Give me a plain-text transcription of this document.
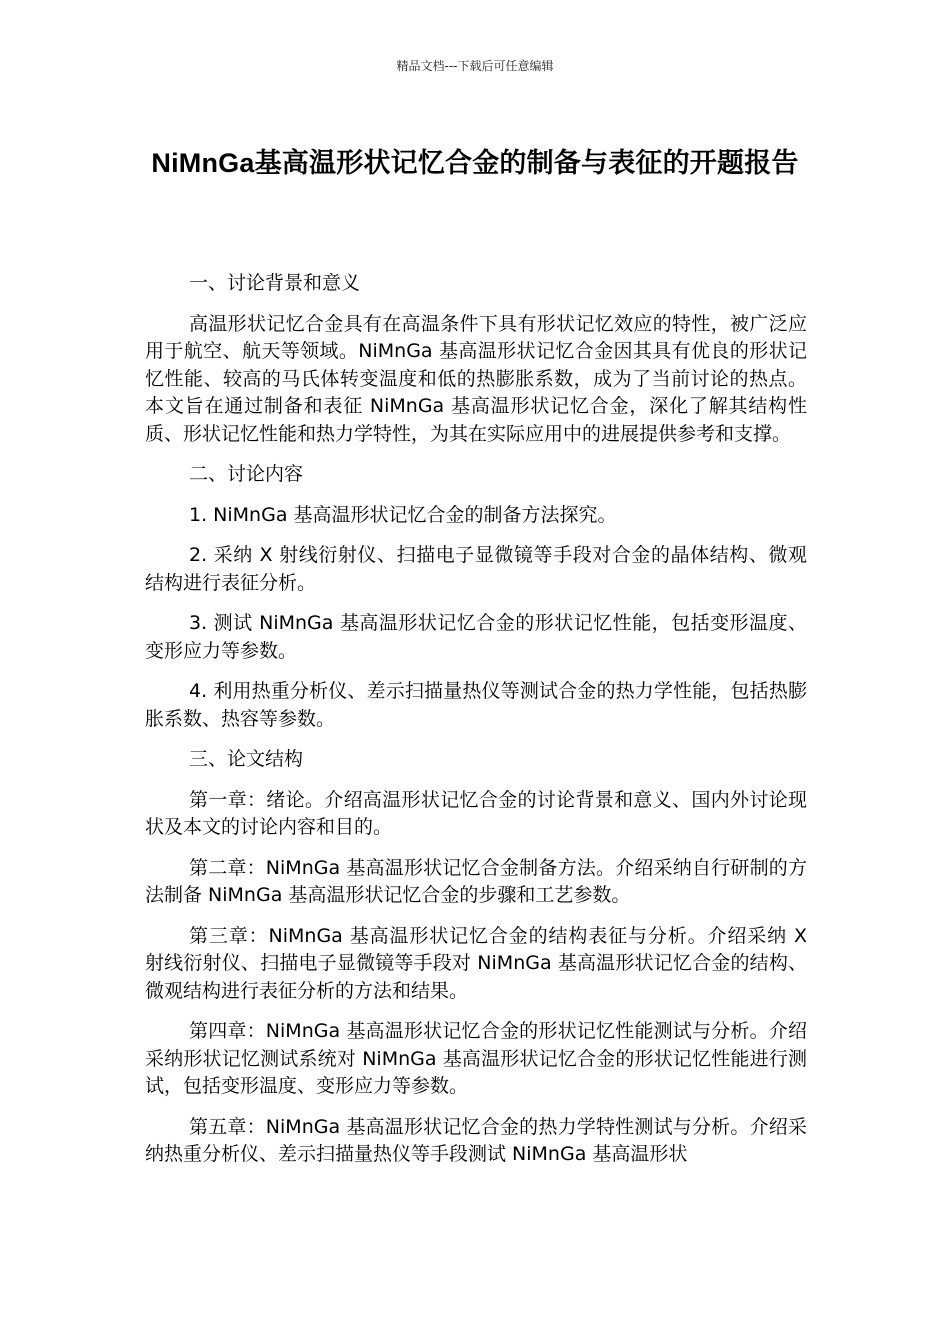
精品文档---下载后可任意编辑
NiMnGa基高温形状记忆合金的制备与表征的开题报告

一、讨论背景和意义

高温形状记忆合金具有在高温条件下具有形状记忆效应的特性，被广泛应用于航空、航天等领域。NiMnGa 基高温形状记忆合金因其具有优良的形状记忆性能、较高的马氏体转变温度和低的热膨胀系数，成为了当前讨论的热点。本文旨在通过制备和表征 NiMnGa 基高温形状记忆合金，深化了解其结构性质、形状记忆性能和热力学特性，为其在实际应用中的进展提供参考和支撑。

二、讨论内容

1. NiMnGa 基高温形状记忆合金的制备方法探究。

2. 采纳 X 射线衍射仪、扫描电子显微镜等手段对合金的晶体结构、微观结构进行表征分析。

3. 测试 NiMnGa 基高温形状记忆合金的形状记忆性能，包括变形温度、变形应力等参数。

4. 利用热重分析仪、差示扫描量热仪等测试合金的热力学性能，包括热膨胀系数、热容等参数。

三、论文结构

第一章：绪论。介绍高温形状记忆合金的讨论背景和意义、国内外讨论现状及本文的讨论内容和目的。

第二章：NiMnGa 基高温形状记忆合金制备方法。介绍采纳自行研制的方法制备 NiMnGa 基高温形状记忆合金的步骤和工艺参数。

第三章：NiMnGa 基高温形状记忆合金的结构表征与分析。介绍采纳 X 射线衍射仪、扫描电子显微镜等手段对 NiMnGa 基高温形状记忆合金的结构、微观结构进行表征分析的方法和结果。

第四章：NiMnGa 基高温形状记忆合金的形状记忆性能测试与分析。介绍采纳形状记忆测试系统对 NiMnGa 基高温形状记忆合金的形状记忆性能进行测试，包括变形温度、变形应力等参数。

第五章：NiMnGa 基高温形状记忆合金的热力学特性测试与分析。介绍采纳热重分析仪、差示扫描量热仪等手段测试 NiMnGa 基高温形状
